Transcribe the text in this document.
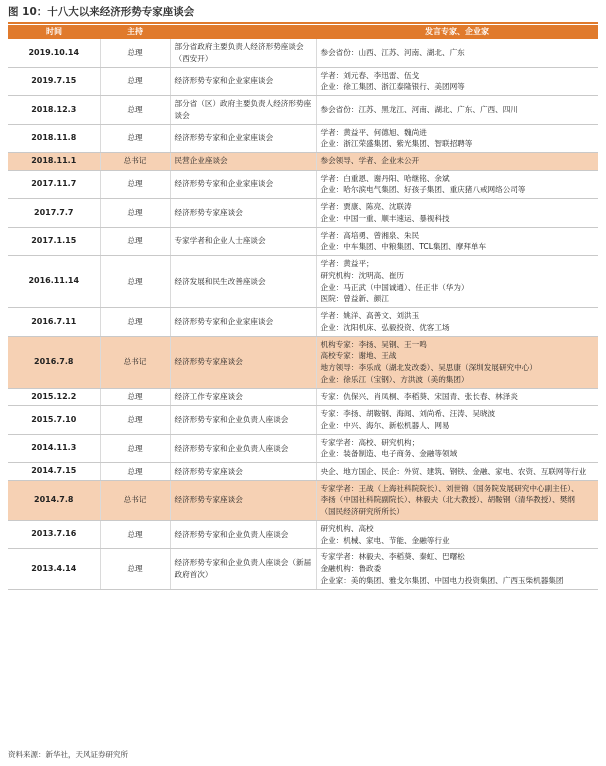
图 10：十八大以来经济形势专家座谈会
时间	主持		发言专家、企业家
2019.10.14	总理	部分省政府主要负责人经济形势座谈会（西安开）	参会省份：山西、江苏、河南、湖北、广东

2019.7.15	总理	经济形势专家和企业家座谈会	学者：刘元春、李迅雷、伍戈
企业：徐工集团、浙江泰隆银行、美团网等

2018.12.3	总理	部分省（区）政府主要负责人经济形势座谈会	参会省份：江苏、黑龙江、河南、湖北、广东、广西、四川

2018.11.8	总理	经济形势专家和企业家座谈会	学者：黄益平、何德旭、魏尚进
企业：浙江荣盛集团、紫光集团、智联招聘等

2018.11.1	总书记	民营企业座谈会	参会领导、学者、企业未公开

2017.11.7	总理	经济形势专家和企业家座谈会	学者：白重恩、谢丹阳、哈继铭、余斌
企业：哈尔滨电气集团、好孩子集团、重庆猪八戒网络公司等

2017.7.7	总理	经济形势专家座谈会	学者：贾康、陈亮、沈联涛
企业：中国一重、顺丰速运、暴视科技

2017.1.15	总理	专家学者和企业人士座谈会	学者：高培勇、曾湘泉、朱民
企业：中车集团、中粮集团、TCL集团、摩拜单车

2016.11.14	总理	经济发展和民生改善座谈会	学者：黄益平；
研究机构：沈明高、崔历
企业：马正武（中国诚通）、任正非（华为）
医院：曾益新、颜江

2016.7.11	总理	经济形势专家和企业家座谈会	学者：姚洋、高善文、刘洪玉
企业：沈阳机床、弘毅投资、优客工场

2016.7.8	总书记	经济形势专家座谈会	机构专家：李扬、吴钢、王一鸣
高校专家：谢地、王战
地方领导：李乐成（湖北发改委）、吴思康（深圳发展研究中心）
企业：徐乐江（宝钢）、方洪波（美的集团）

2015.12.2	总理	经济工作专家座谈会	专家：仇保兴、肖凤桐、李稻葵、宋国青、张长春、林泽炎

2015.7.10	总理	经济形势专家和企业负责人座谈会	专家：李扬、胡鞍钢、海闻、刘尚希、汪涛、吴晓波
企业：中兴、海尔、新松机器人、网易

2014.11.3	总理	经济形势专家和企业负责人座谈会	专家学者：高校、研究机构；
企业：装备制造、电子商务、金融等领域

2014.7.15	总理	经济形势专家座谈会	央企、地方国企、民企：外贸、建筑、钢铁、金融、家电、农资、互联网等行业

2014.7.8	总书记	经济形势专家座谈会	专家学者：王战（上海社科院院长）、刘世锦（国务院发展研究中心副主任）、
李扬（中国社科院副院长）、林毅夫（北大教授）、胡鞍钢（清华教授）、樊纲
（国民经济研究所所长）

2013.7.16	总理	经济形势专家和企业负责人座谈会	研究机构、高校
企业：机械、家电、节能、金融等行业

2013.4.14	总理	经济形势专家和企业负责人座谈会（新届政府首次）	专家学者：林毅夫、李稻葵、秦虹、巴曙松
金融机构：鲁政委
企业家：美的集团、雅戈尔集团、中国电力投资集团、广西玉柴机器集团
资料来源：新华社，天风证券研究所
